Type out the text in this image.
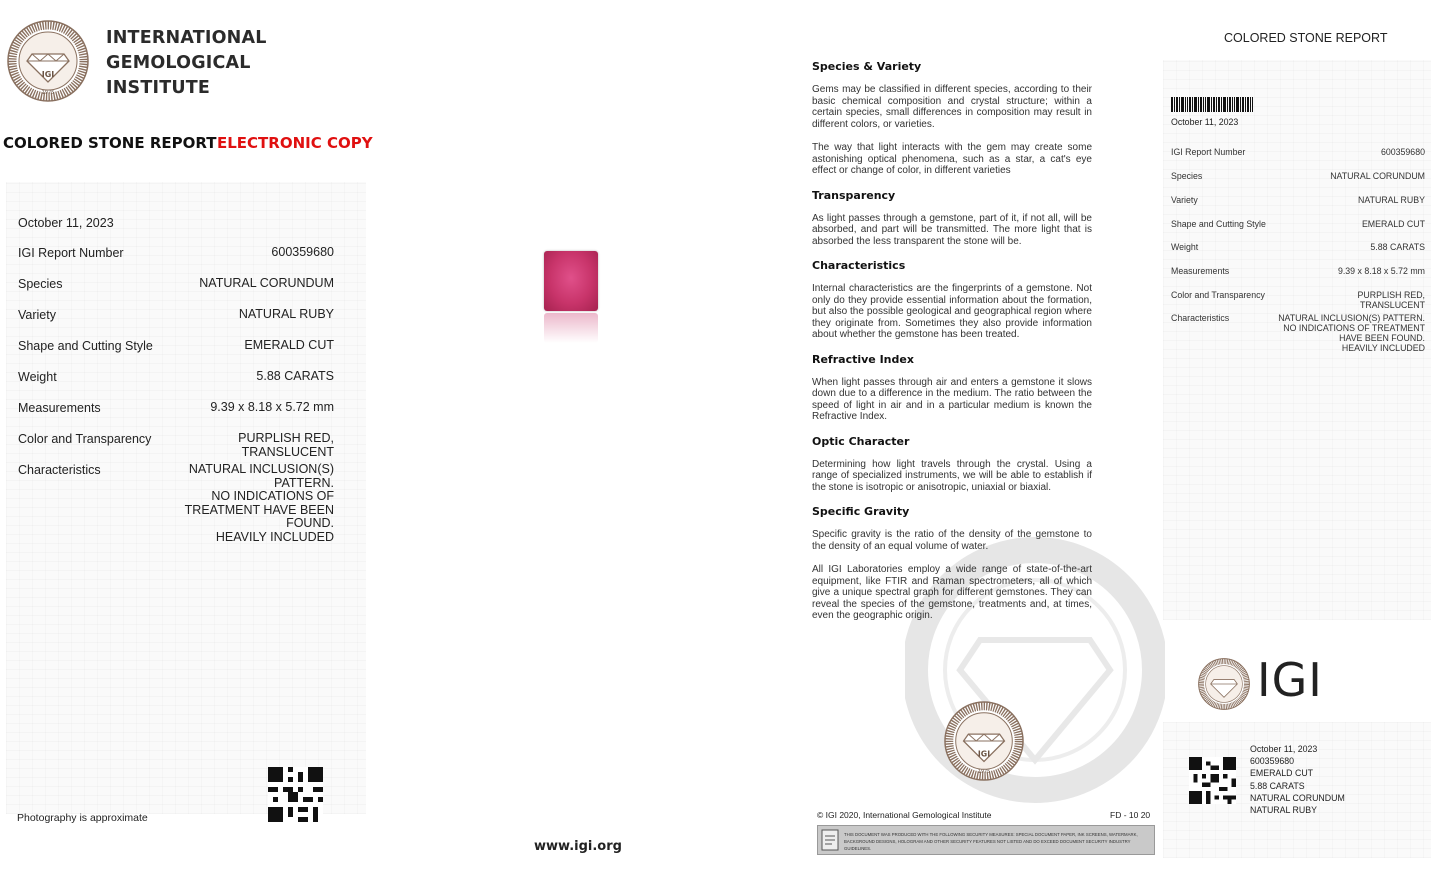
IGI
1975
INTERNATIONAL
GEMOLOGICAL
INSTITUTE
COLORED STONE REPORT ELECTRONIC COPY
October 11, 2023
IGI Report Number	600359680
Species	NATURAL CORUNDUM
Variety	NATURAL RUBY
Shape and Cutting Style	EMERALD CUT
Weight	5.88 CARATS
Measurements	9.39 x 8.18 x 5.72 mm
Color and Transparency	PURPLISH RED,
TRANSLUCENT
Characteristics	NATURAL INCLUSION(S)
PATTERN.
NO INDICATIONS OF
TREATMENT HAVE BEEN
FOUND.
HEAVILY INCLUDED
Photography is approximate
www.igi.org
Species & Variety

Gems may be classified in different species, according to their basic chemical composition and crystal structure; within a certain species, small differences in composition may result in different colors, or varieties.

The way that light interacts with the gem may create some astonishing optical phenomena, such as a star, a cat's eye effect or change of color, in different varieties

Transparency

As light passes through a gemstone, part of it, if not all, will be absorbed, and part will be transmitted. The more light that is absorbed the less transparent the stone will be.

Characteristics

Internal characteristics are the fingerprints of a gemstone. Not only do they provide essential information about the formation, but also the possible geological and geographical region where they originate from. Sometimes they also provide information about whether the gemstone has been treated.

Refractive Index

When light passes through air and enters a gemstone it slows down due to a difference in the medium. The ratio between the speed of light in air and in a particular medium is known the Refractive Index.

Optic Character

Determining how light travels through the crystal. Using a range of specialized instruments, we will be able to establish if the stone is isotropic or anisotropic, uniaxial or biaxial.

Specific Gravity

Specific gravity is the ratio of the density of the gemstone to the density of an equal volume of water.

All IGI Laboratories employ a wide range of state-of-the-art equipment, like FTIR and Raman spectrometers, all of which give a unique spectral graph for different gemstones. They can reveal the species of the gemstone, treatments and, at times, even the geographic origin.

IGI
1975
© IGI 2020, International Gemological Institute	FD - 10 20
THIS DOCUMENT WAS PRODUCED WITH THE FOLLOWING SECURITY MEASURES: SPECIAL DOCUMENT PAPER, INK SCREENS, WATERMARK, BACKGROUND DESIGNS, HOLOGRAM AND OTHER SECURITY FEATURES NOT LISTED AND DO EXCEED DOCUMENT SECURITY INDUSTRY GUIDELINES.
COLORED STONE REPORT
October 11, 2023
IGI Report Number	600359680
Species	NATURAL CORUNDUM
Variety	NATURAL RUBY
Shape and Cutting Style	EMERALD CUT
Weight	5.88 CARATS
Measurements	9.39 x 8.18 x 5.72 mm
Color and Transparency	PURPLISH RED,
TRANSLUCENT
Characteristics	NATURAL INCLUSION(S) PATTERN.
NO INDICATIONS OF TREATMENT
HAVE BEEN FOUND.
HEAVILY INCLUDED
IGI
October 11, 2023
600359680
EMERALD CUT
5.88 CARATS
NATURAL CORUNDUM
NATURAL RUBY
